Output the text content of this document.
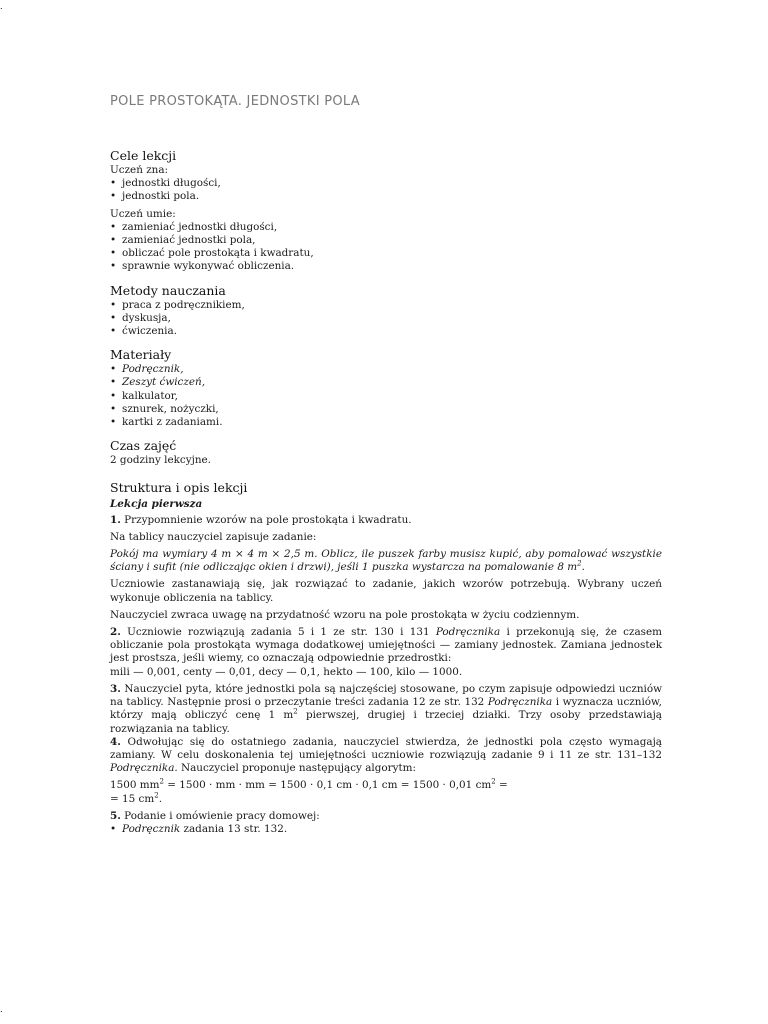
.
.
POLE PROSTOKĄTA. JEDNOSTKI POLA
Cele lekcji

Uczeń zna:

• jednostki długości,
• jednostki pola.

Uczeń umie:

• zamieniać jednostki długości,
• zamieniać jednostki pola,
• obliczać pole prostokąta i kwadratu,
• sprawnie wykonywać obliczenia.
Metody nauczania
• praca z podręcznikiem,
• dyskusja,
• ćwiczenia.
Materiały
• Podręcznik,
• Zeszyt ćwiczeń,
• kalkulator,
• sznurek, nożyczki,
• kartki z zadaniami.
Czas zajęć

2 godziny lekcyjne.

Struktura i opis lekcji

Lekcja pierwsza

1. Przypomnienie wzorów na pole prostokąta i kwadratu.

Na tablicy nauczyciel zapisuje zadanie:

Pokój ma wymiary 4 m × 4 m × 2,5 m. Oblicz, ile puszek farby musisz kupić, aby pomalować wszystkie ściany i sufit (nie odliczając okien i drzwi), jeśli 1 puszka wystarcza na pomalowanie 8 $m^2$.

Uczniowie zastanawiają się, jak rozwiązać to zadanie, jakich wzorów potrzebują. Wybrany uczeń wykonuje obliczenia na tablicy.

Nauczyciel zwraca uwagę na przydatność wzoru na pole prostokąta w życiu codziennym.

2. Uczniowie rozwiązują zadania 5 i 1 ze str. 130 i 131 Podręcznika i przekonują się, że czasem obliczanie pola prostokąta wymaga dodatkowej umiejętności — zamiany jednostek. Zamiana jednostek jest prostsza, jeśli wiemy, co oznaczają odpowiednie przedrostki:

mili — 0,001, centy — 0,01, decy — 0,1, hekto — 100, kilo — 1000.

3. Nauczyciel pyta, które jednostki pola są najczęściej stosowane, po czym zapisuje odpowiedzi uczniów na tablicy. Następnie prosi o przeczytanie treści zadania 12 ze str. 132 Podręcznika i wyznacza uczniów, którzy mają obliczyć cenę 1 $m^2$ pierwszej, drugiej i trzeciej działki. Trzy osoby przedstawiają rozwiązania na tablicy.

4. Odwołując się do ostatniego zadania, nauczyciel stwierdza, że jednostki pola często wymagają zamiany. W celu doskonalenia tej umiejętności uczniowie rozwiązują zadanie 9 i 11 ze str. 131–132 Podręcznika. Nauczyciel proponuje następujący algorytm:

1500 $mm^2 = 1500$ · mm · mm = 1500 · 0,1 cm · 0,1 cm = 1500 · 0,01 $cm^2$ =

= 15 $cm^2$.

5. Podanie i omówienie pracy domowej:

• Podręcznik zadania 13 str. 132.
